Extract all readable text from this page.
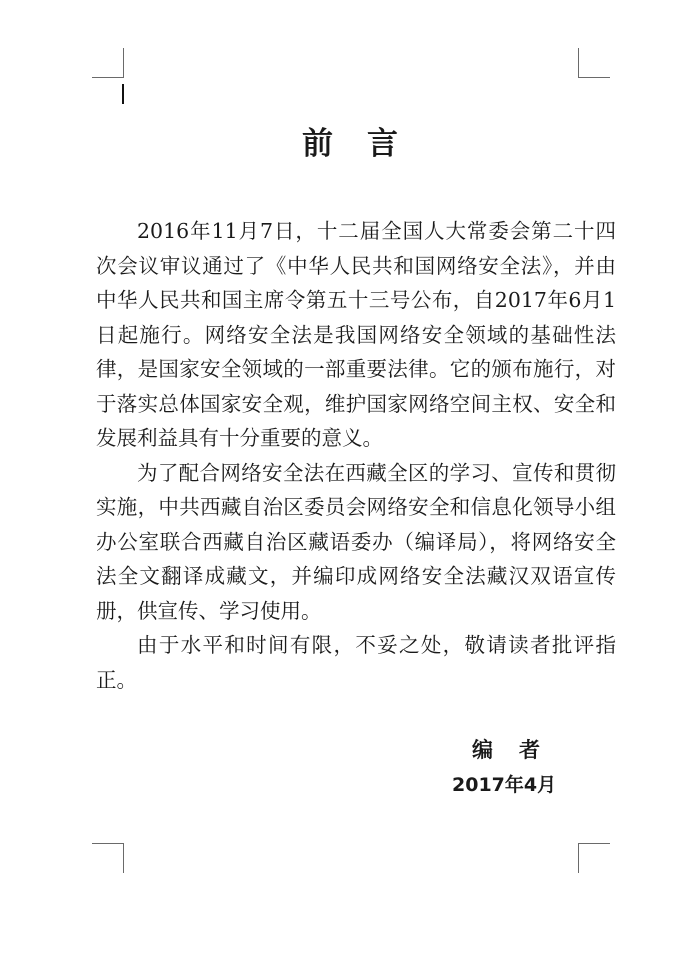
前言

2016年11月7日，十二届全国人大常委会第二十四次会议审议通过了《中华人民共和国网络安全法》，并由中华人民共和国主席令第五十三号公布，自2017年6月1日起施行。网络安全法是我国网络安全领域的基础性法律，是国家安全领域的一部重要法律。它的颁布施行，对于落实总体国家安全观，维护国家网络空间主权、安全和发展利益具有十分重要的意义。

为了配合网络安全法在西藏全区的学习、宣传和贯彻实施，中共西藏自治区委员会网络安全和信息化领导小组办公室联合西藏自治区藏语委办（编译局），将网络安全法全文翻译成藏文，并编印成网络安全法藏汉双语宣传册，供宣传、学习使用。

由于水平和时间有限，不妥之处，敬请读者批评指正。

编者
2017年4月
